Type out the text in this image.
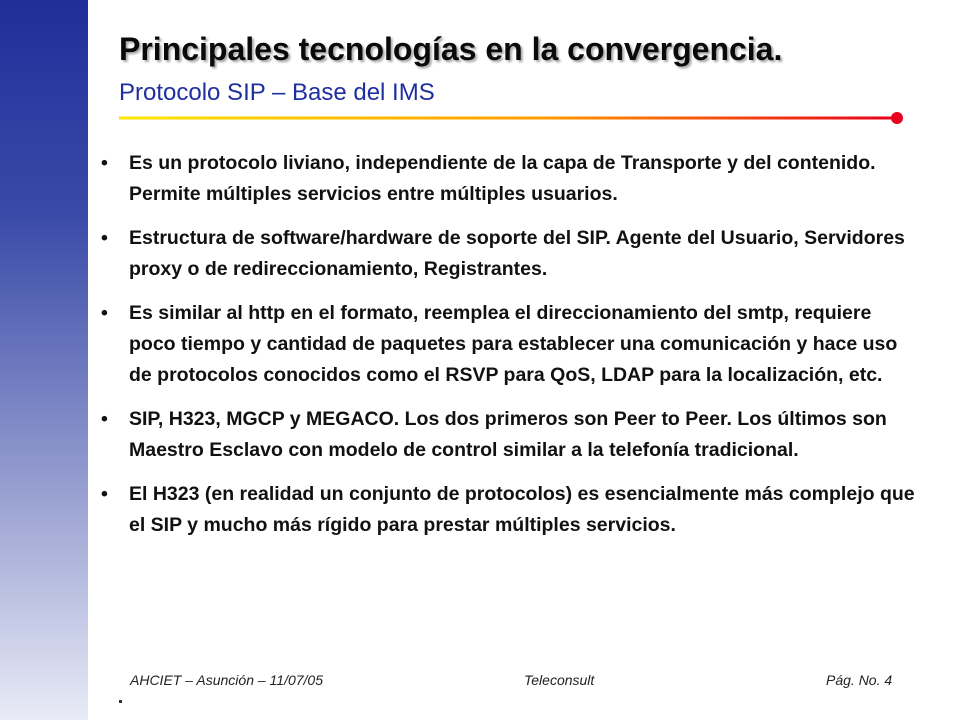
Principales tecnologías en la convergencia.
Protocolo SIP – Base del IMS
• Es un protocolo liviano, independiente de la capa de Transporte y del contenido. Permite múltiples servicios entre múltiples usuarios.
• Estructura de software/hardware de soporte del SIP. Agente del Usuario, Servidores proxy o de redireccionamiento, Registrantes.
• Es similar al http en el formato, reemplea el direccionamiento del smtp, requiere poco tiempo y cantidad de paquetes para establecer una comunicación y hace uso de protocolos conocidos como el RSVP para QoS, LDAP para la localización, etc.
• SIP, H323, MGCP y MEGACO. Los dos primeros son Peer to Peer. Los últimos son Maestro Esclavo con modelo de control similar a la telefonía tradicional.
• El H323 (en realidad un conjunto de protocolos) es esencialmente más complejo que el SIP y mucho más rígido para prestar múltiples servicios.
AHCIET – Asunción – 11/07/05	Teleconsult	Pág. No. 4
